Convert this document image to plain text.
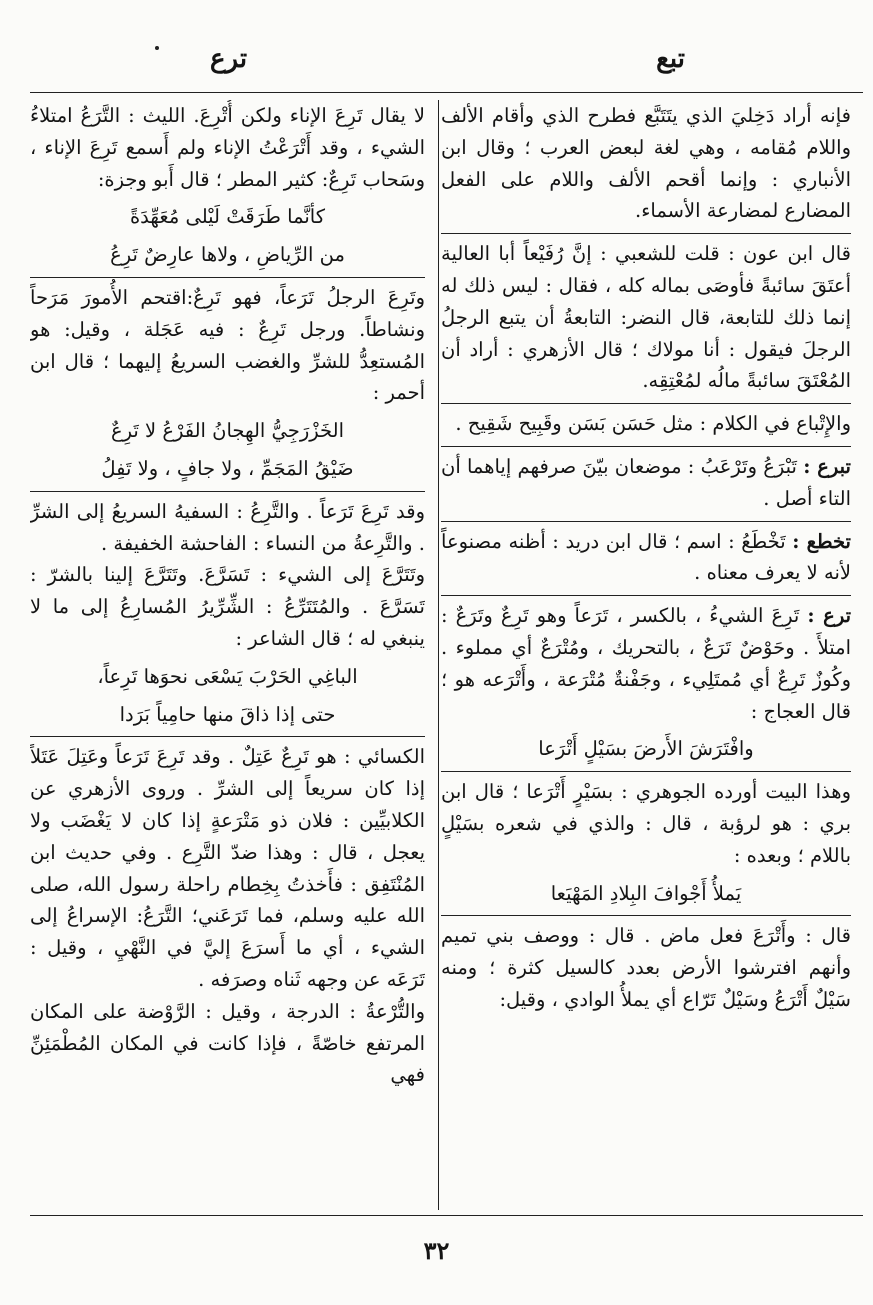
تبع
ترع

فإنه أراد دَخِليَ الذي يتَتَبَّع فطرح الذي وأقام الألف واللام مُقامه ، وهي لغة لبعض العرب ؛ وقال ابن الأنباري : وإنما أقحم الألف واللام على الفعل المضارع لمضارعة الأسماء.

قال ابن عون : قلت للشعبي : إنَّ رُفَيْعاً أبا العالية أعتَقَ سائبةً فأوصَى بماله كله ، فقال : ليس ذلك له إنما ذلك للتابعة، قال النضر: التابعةُ أن يتبع الرجلُ الرجلَ فيقول : أنا مولاك ؛ قال الأزهري : أراد أن المُعْتَقَ سائبةً مالُه لمُعْتِقِه.

والإِتْباع في الكلام : مثل حَسَن بَسَن وقَبِيح شَقِيح .

تبرع : تَبْرَعُ وتَرْعَبُ : موضعان بيّنَ صرفهم إياهما أن التاء أصل .

تخطع : تَخْطَعُ : اسم ؛ قال ابن دريد : أظنه مصنوعاً لأنه لا يعرف معناه .

ترع : تَرِعَ الشيءُ ، بالكسر ، تَرَعاً وهو تَرِعٌ وتَرَعٌ : امتلأَ . وحَوْضٌ تَرَعٌ ، بالتحريك ، ومُتْرَعٌ أي مملوء . وكُوزٌ تَرِعٌ أي مُمتَلِيء ، وجَفْنةٌ مُتْرَعة ، وأَتْرَعه هو ؛ قال العجاج :

وافْتَرَشَ الأَرضَ بسَيْلٍ أَتْرَعا

وهذا البيت أورده الجوهري : بسَيْرٍ أَتْرَعا ؛ قال ابن بري : هو لرؤبة ، قال : والذي في شعره بسَيْلٍ باللام ؛ وبعده :

يَملأُ أَجْوافَ البِلادِ المَهْيَعا

قال : وأَتْرَعَ فعل ماض . قال : ووصف بني تميم وأنهم افترشوا الأرض بعدد كالسيل كثرة ؛ ومنه سَيْلٌ أَتْرَعُ وسَيْلٌ تَرّاع أي يملأُ الوادي ، وقيل:

لا يقال تَرِعَ الإناء ولكن أُتْرِعَ. الليث : التَّرَعُ امتلاءُ الشيء ، وقد أَتْرَعْتُ الإناء ولم أَسمع تَرِعَ الإناء ، وسَحاب تَرِعٌ: كثير المطر ؛ قال أَبو وجزة:

كأنَّما طَرَقَتْ لَيْلى مُعَهِّدَةً
من الرِّياضِ ، ولاها عارِضٌ تَرِعُ

وتَرِعَ الرجلُ تَرَعاً، فهو تَرِعٌ:اقتحم الأُمورَ مَرَحاً ونشاطاً. ورجل تَرِعٌ : فيه عَجَلة ، وقيل: هو المُستعِدُّ للشرِّ والغضب السريعُ إليهما ؛ قال ابن أحمر :

الخَزْرَجِيُّ الهِجانُ الفَرْعُ لا تَرِعٌ
ضَيْقُ المَجَمِّ ، ولا جافٍ ، ولا تَفِلُ

وقد تَرِعَ تَرَعاً . والتَّرِعُ : السفيهُ السريعُ إلى الشرِّ . والتَّرِعةُ من النساء : الفاحشة الخفيفة .

وتَتَرَّعَ إلى الشيء : تَسَرَّعَ. وتَتَرَّعَ إلينا بالشرّ : تَسَرَّعَ . والمُتَتَرِّعُ : الشِّرِّيرُ المُسارِعُ إلى ما لا ينبغي له ؛ قال الشاعر :

الباغِي الحَرْبَ يَسْعَى نحوَها تَرِعاً،
حتى إذا ذاقَ منها حامِياً بَرَدا

الكسائي : هو تَرِعٌ عَتِلٌ . وقد تَرِعَ تَرَعاً وعَتِلَ عَتَلاً إذا كان سريعاً إلى الشرِّ . وروى الأزهري عن الكلابيِّين : فلان ذو مَتْرَعةٍ إذا كان لا يَغْضَب ولا يعجل ، قال : وهذا ضدّ التَّرِع . وفي حديث ابن المُنْتَفِق : فأَخذتُ بِخِطام راحلة رسول الله، صلى الله عليه وسلم، فما تَرَعَني؛ التَّرَعُ: الإسراعُ إلى الشيء ، أي ما أَسرَعَ إليَّ في النَّهْيِ ، وقيل : تَرَعَه عن وجهه ثَناه وصرَفه .

والتُّرْعةُ : الدرجة ، وقيل : الرَّوْضة على المكان المرتفع خاصّةً ، فإذا كانت في المكان المُطْمَئِنِّ فهي

٣٢
